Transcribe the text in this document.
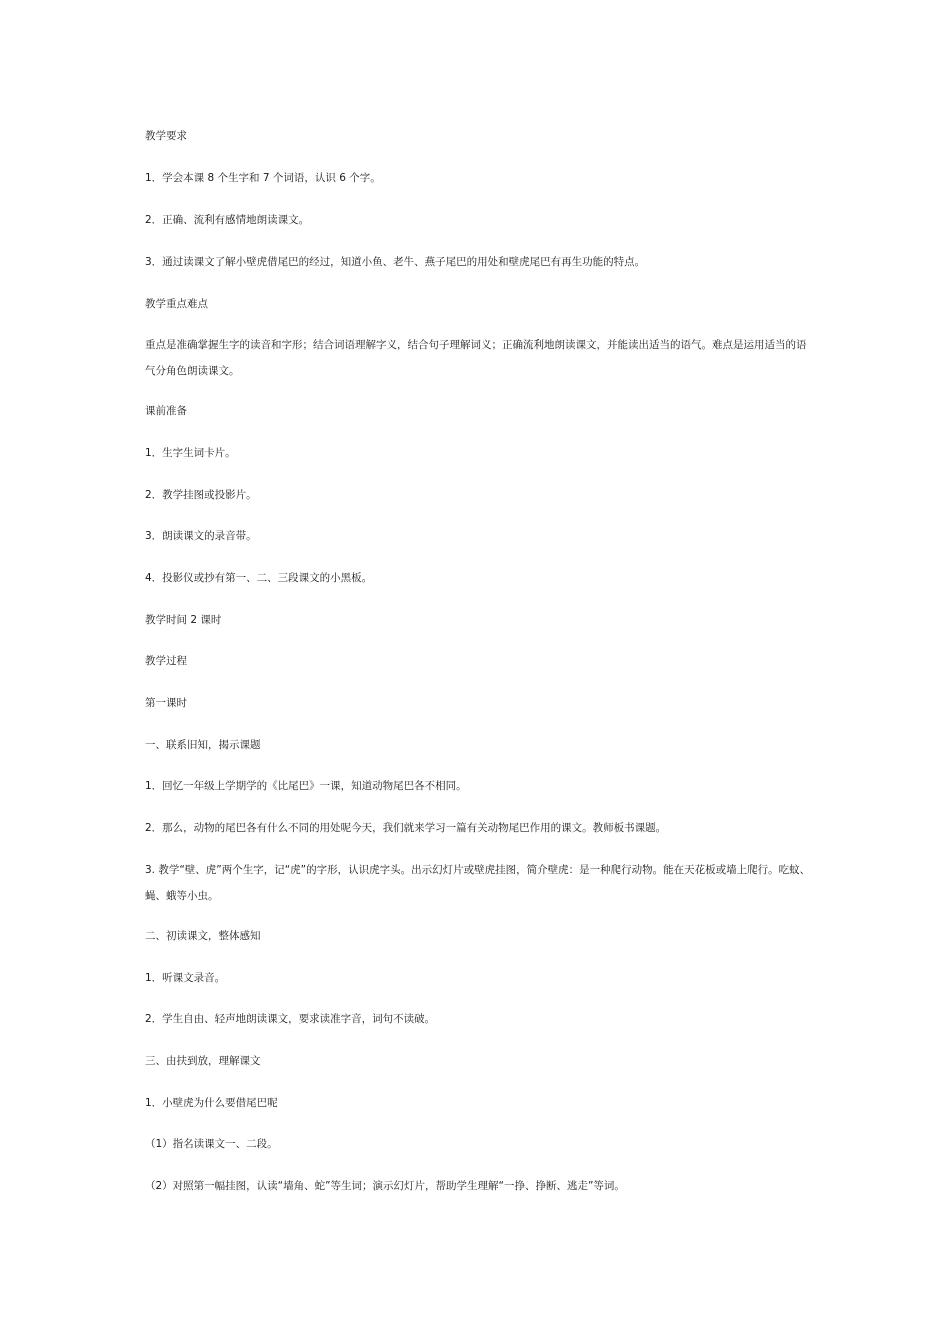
教学要求

1．学会本课 8 个生字和 7 个词语，认识 6 个字。

2．正确、流利有感情地朗读课文。

3．通过读课文了解小壁虎借尾巴的经过，知道小鱼、老牛、燕子尾巴的用处和壁虎尾巴有再生功能的特点。

教学重点难点

重点是准确掌握生字的读音和字形；结合词语理解字义，结合句子理解词义；正确流利地朗读课文，并能读出适当的语气。难点是运用适当的语气分角色朗读课文。

课前准备

1．生字生词卡片。

2．教学挂图或投影片。

3．朗读课文的录音带。

4．投影仪或抄有第一、二、三段课文的小黑板。

教学时间 2 课时

教学过程

第一课时

一、联系旧知，揭示课题

1．回忆一年级上学期学的《比尾巴》一课，知道动物尾巴各不相同。

2．那么，动物的尾巴各有什么不同的用处呢今天，我们就来学习一篇有关动物尾巴作用的课文。教师板书课题。

3. 教学“壁、虎”两个生字，记“虎”的字形，认识虎字头。出示幻灯片或壁虎挂图，简介壁虎：是一种爬行动物。能在天花板或墙上爬行。吃蚊、蝇、蛾等小虫。

二、初读课文，整体感知

1．听课文录音。

2．学生自由、轻声地朗读课文，要求读准字音，词句不读破。

三、由扶到放，理解课文

1．小壁虎为什么要借尾巴呢

（1）指名读课文一、二段。

（2）对照第一幅挂图，认读“墙角、蛇”等生词；演示幻灯片，帮助学生理解“一挣、挣断、逃走”等词。
